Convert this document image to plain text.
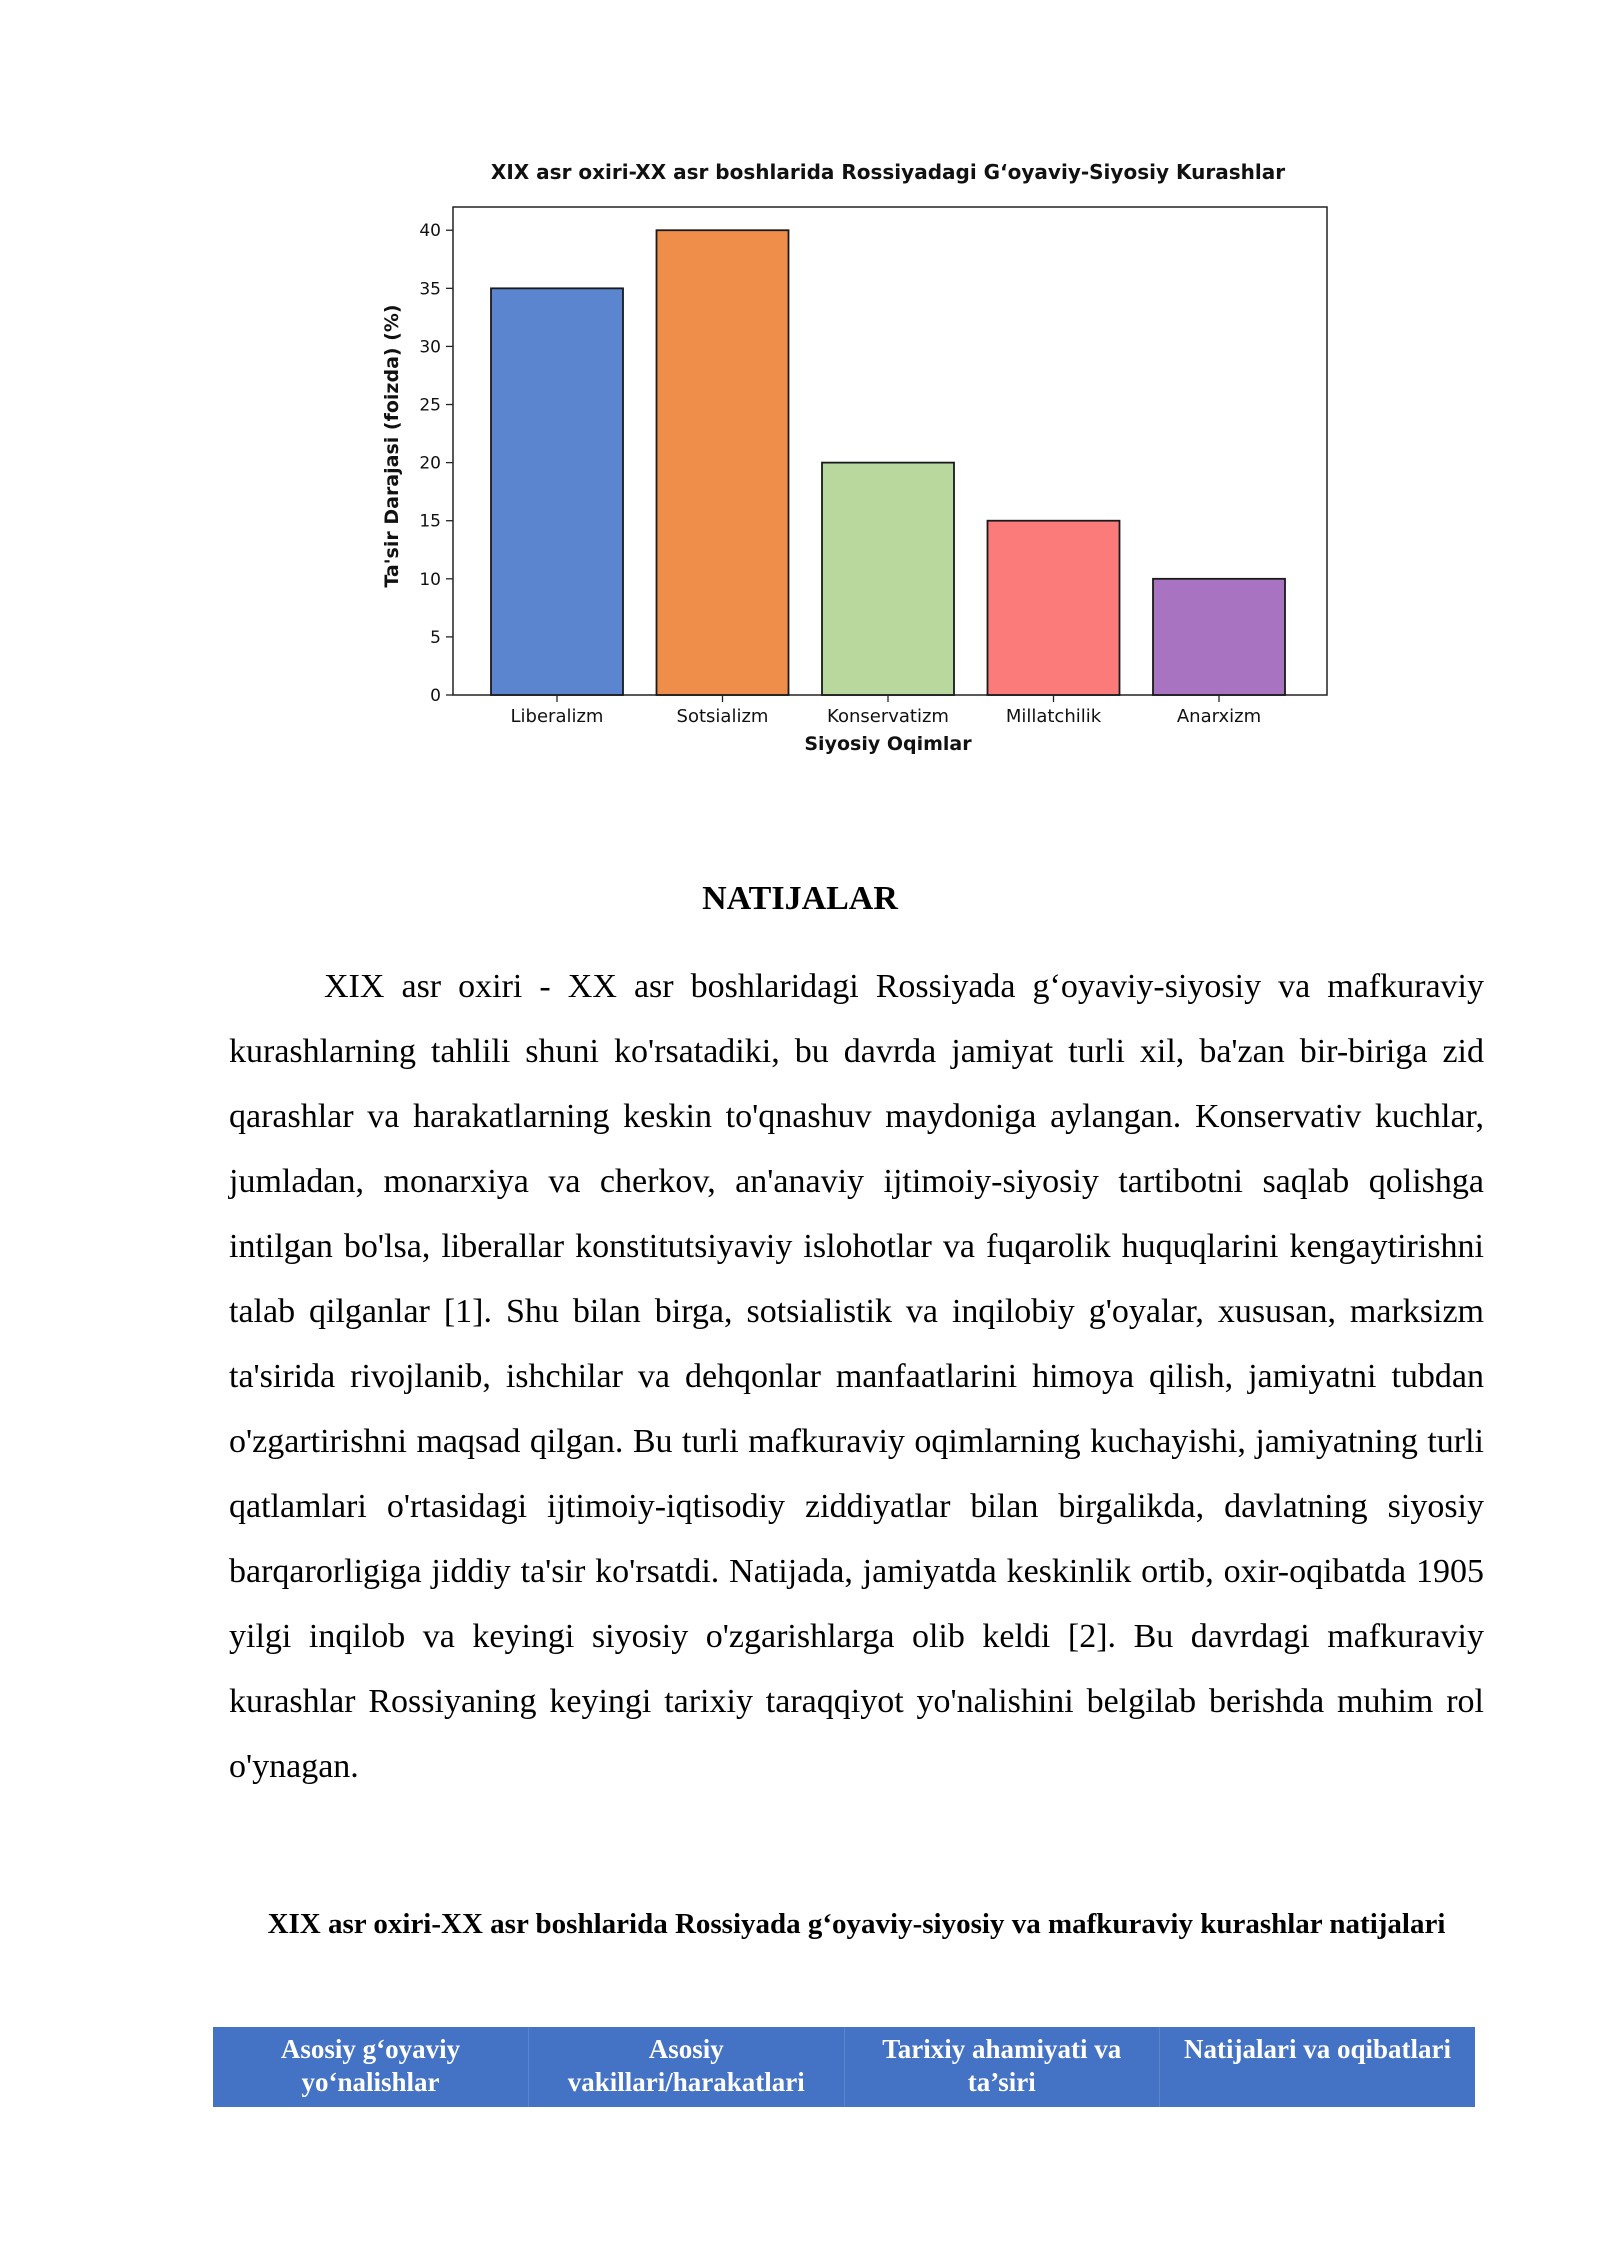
XIX asr oxiri-XX asr boshlarida Rossiyadagi G‘oyaviy-Siyosiy Kurashlar
Ta'sir Darajasi (foizda) (%)
Siyosiy Oqimlar
0
5
10
15
20
25
30
35
40
Liberalizm	Sotsializm	Konservatizm	Millatchilik	Anarxizm
NATIJALAR

XIX asr oxiri - XX asr boshlaridagi Rossiyada g‘oyaviy-siyosiy va mafkuraviy kurashlarning tahlili shuni ko'rsatadiki, bu davrda jamiyat turli xil, ba'zan bir-biriga zid qarashlar va harakatlarning keskin to'qnashuv maydoniga aylangan. Konservativ kuchlar, jumladan, monarxiya va cherkov, an'anaviy ijtimoiy-siyosiy tartibotni saqlab qolishga intilgan bo'lsa, liberallar konstitutsiyaviy islohotlar va fuqarolik huquqlarini kengaytirishni talab qilganlar [1]. Shu bilan birga, sotsialistik va inqilobiy g'oyalar, xususan, marksizm ta'sirida rivojlanib, ishchilar va dehqonlar manfaatlarini himoya qilish, jamiyatni tubdan o'zgartirishni maqsad qilgan. Bu turli mafkuraviy oqimlarning kuchayishi, jamiyatning turli qatlamlari o'rtasidagi ijtimoiy-iqtisodiy ziddiyatlar bilan birgalikda, davlatning siyosiy barqarorligiga jiddiy ta'sir ko'rsatdi. Natijada, jamiyatda keskinlik ortib, oxir-oqibatda 1905 yilgi inqilob va keyingi siyosiy o'zgarishlarga olib keldi [2]. Bu davrdagi mafkuraviy kurashlar Rossiyaning keyingi tarixiy taraqqiyot yo'nalishini belgilab berishda muhim rol o'ynagan.

XIX asr oxiri-XX asr boshlarida Rossiyada g‘oyaviy-siyosiy va mafkuraviy kurashlar natijalari

Asosiy g‘oyaviy yo‘nalishlar	Asosiy vakillari/harakatlari	Tarixiy ahamiyati va ta’siri	Natijalari va oqibatlari
